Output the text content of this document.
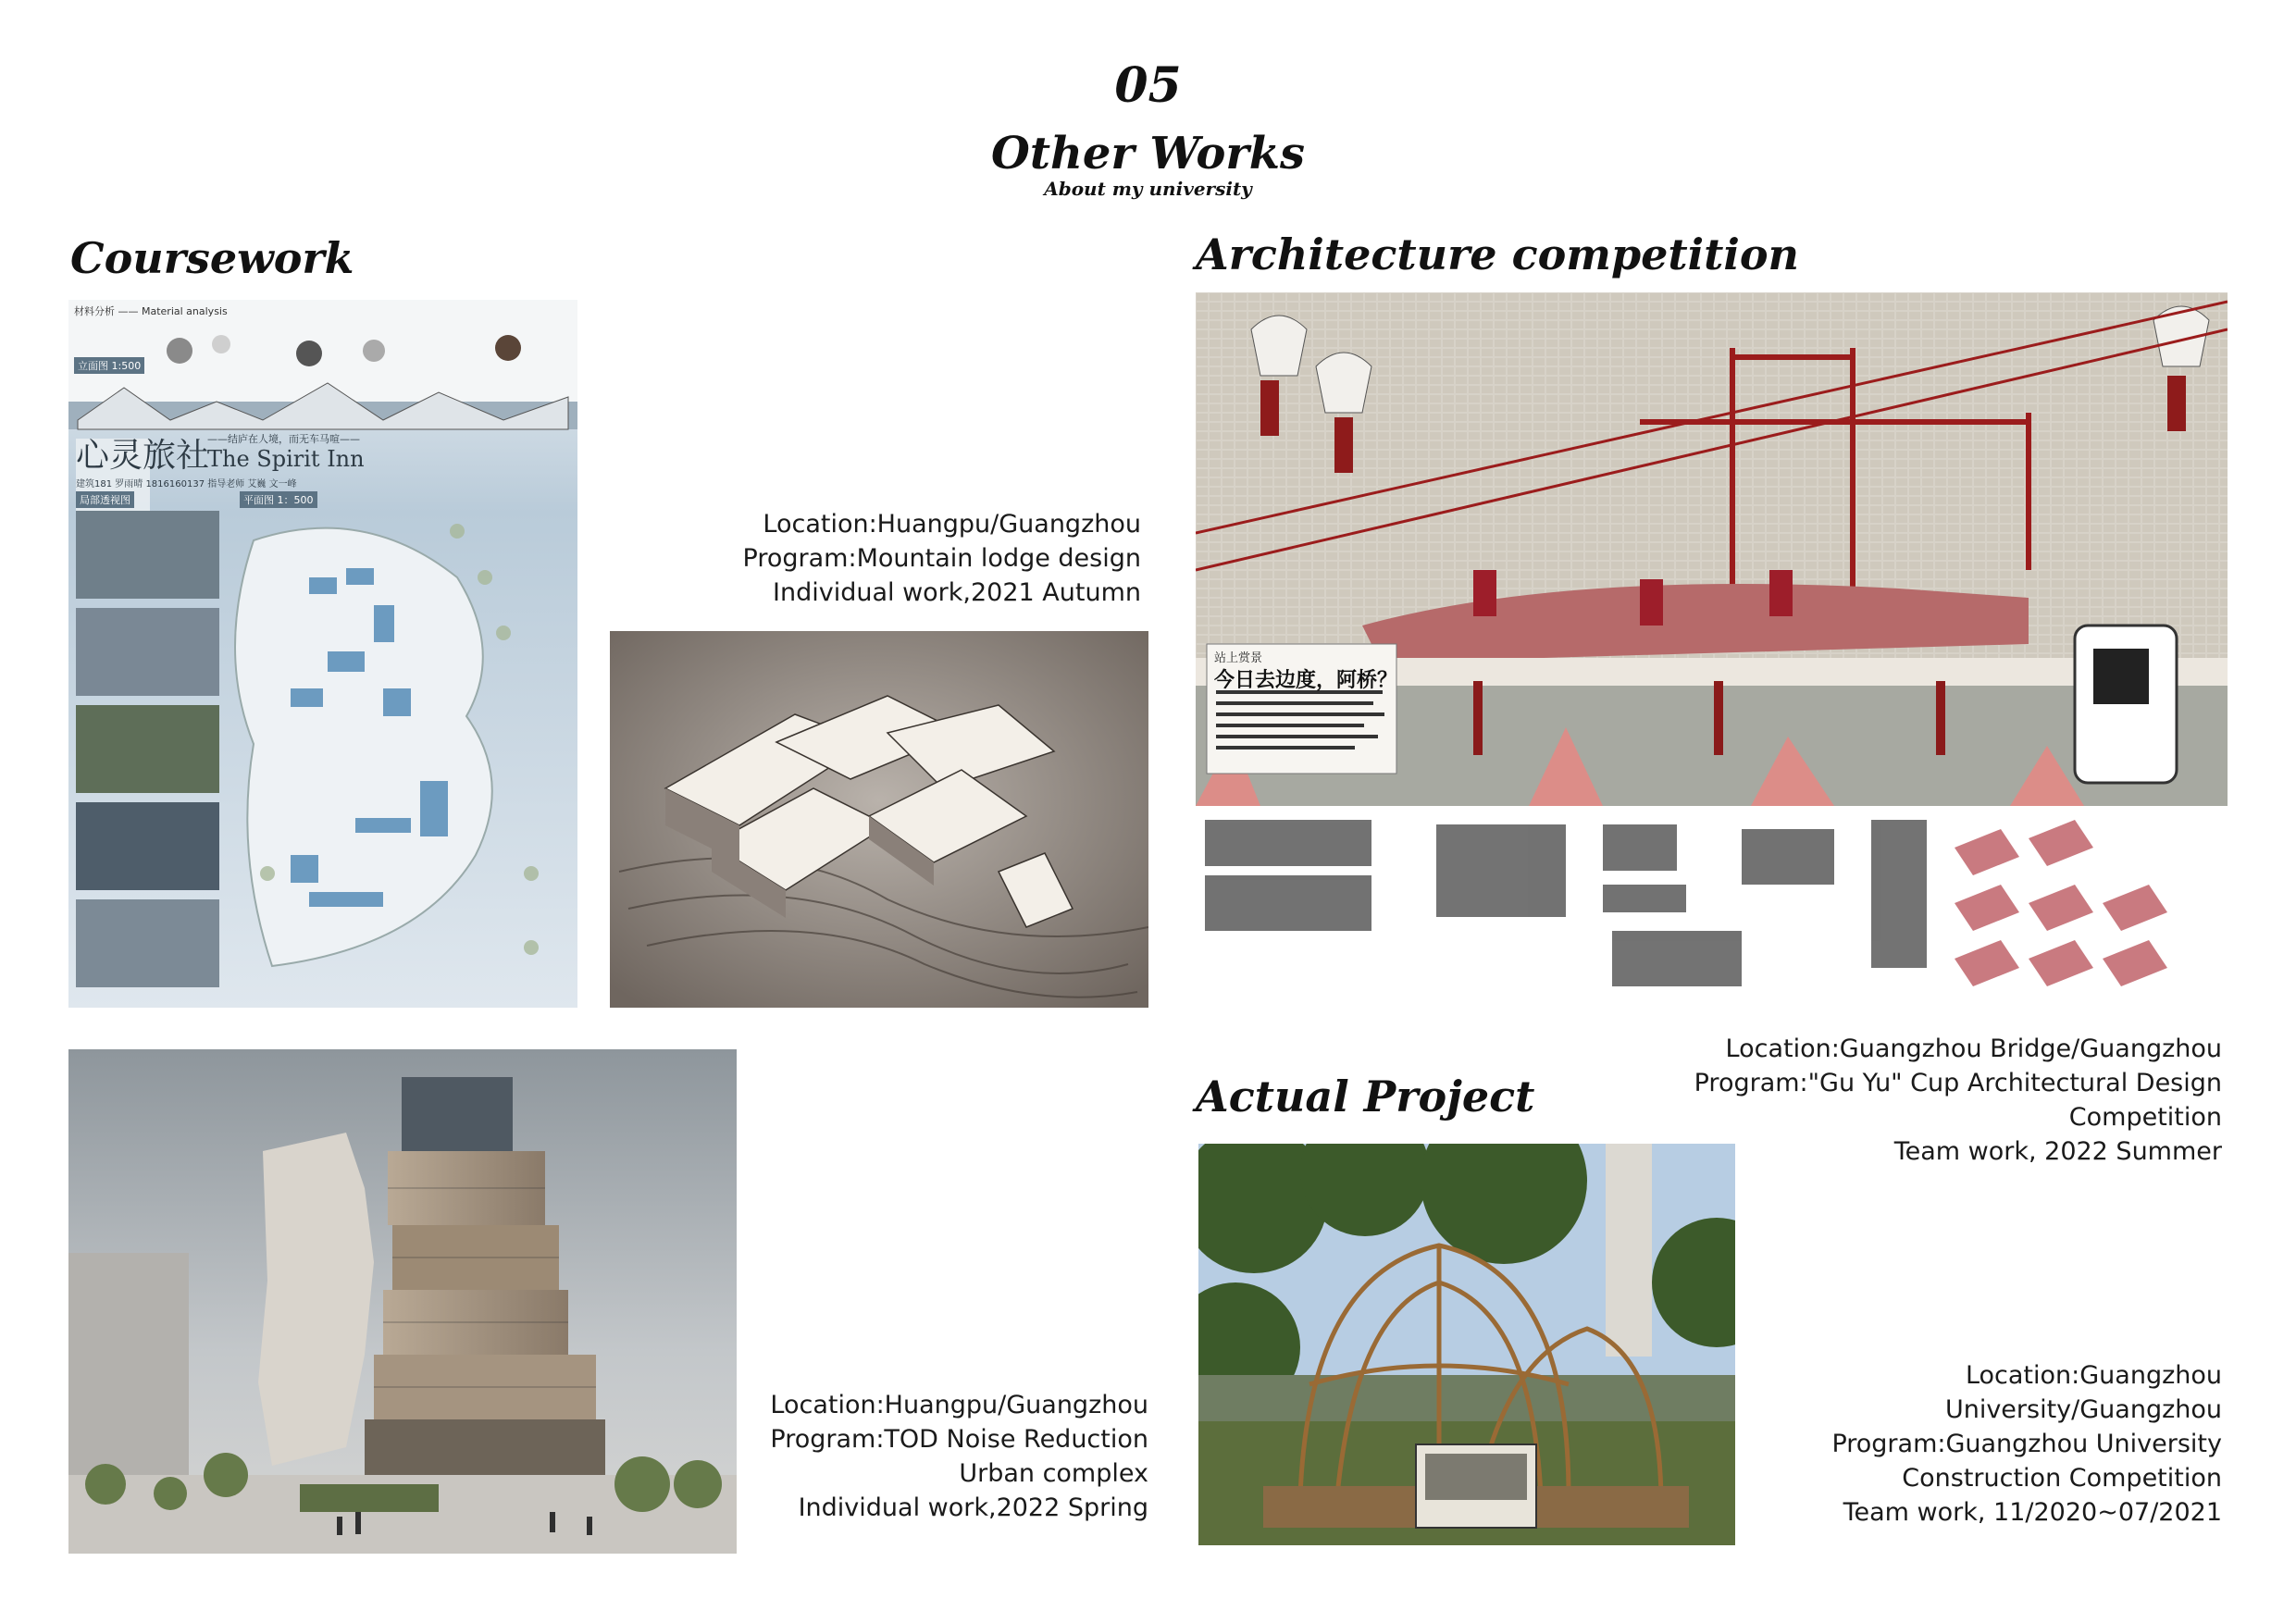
05
Other Works
About my university
Coursework	Architecture competition
Actual Project
材料分析 —— Material analysis
立面图 1:500
心灵旅社
The Spirit Inn
——结庐在人境，而无车马喧——
建筑181 罗雨晴 1816160137 指导老师 艾巍 文一峰
局部透视图	平面图 1：500
Location:Huangpu/Guangzhou
Program:Mountain lodge design
Individual work,2021 Autumn
Location:Huangpu/Guangzhou
Program:TOD Noise Reduction
Urban complex
Individual work,2022 Spring
站上赏景
今日去边度，阿桥？
Location:Guangzhou Bridge/Guangzhou
Program:"Gu Yu" Cup Architectural Design
Competition
Team work, 2022 Summer
Location:Guangzhou
University/Guangzhou
Program:Guangzhou University
Construction Competition
Team work, 11/2020~07/2021
